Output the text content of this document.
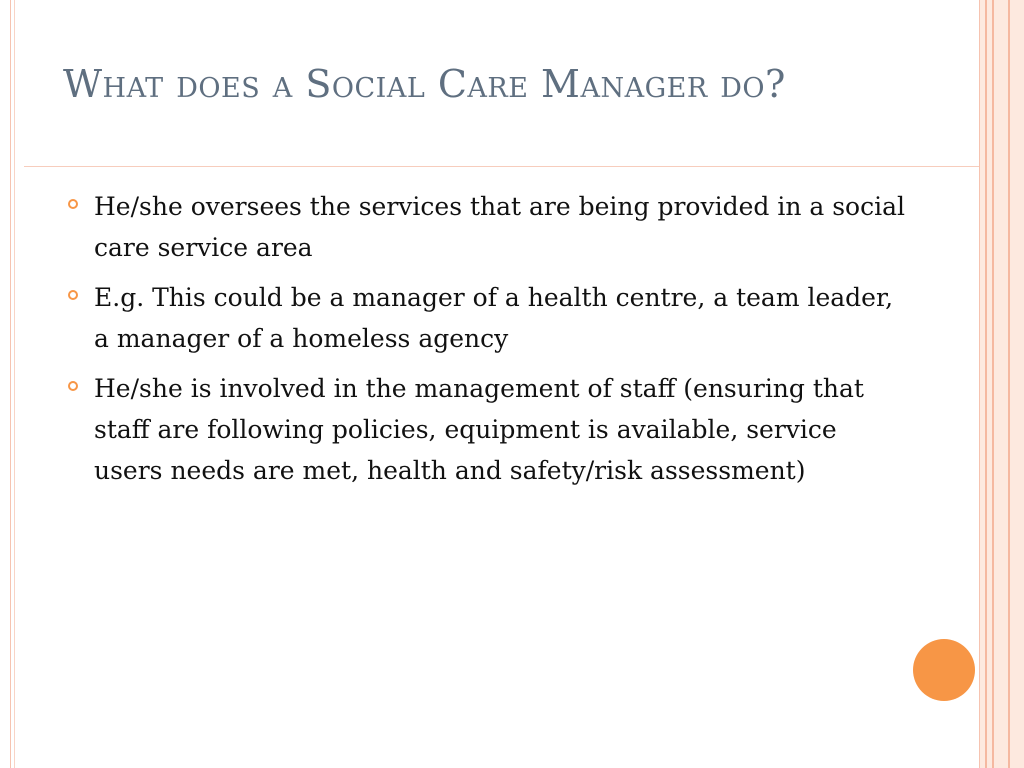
What does a Social Care Manager do?
He/she oversees the services that are being provided in a social care service area
E.g. This could be a manager of a health centre, a team leader, a manager of a homeless agency
He/she is involved in the management of staff (ensuring that staff are following policies, equipment is available, service users needs are met, health and safety/risk assessment)
